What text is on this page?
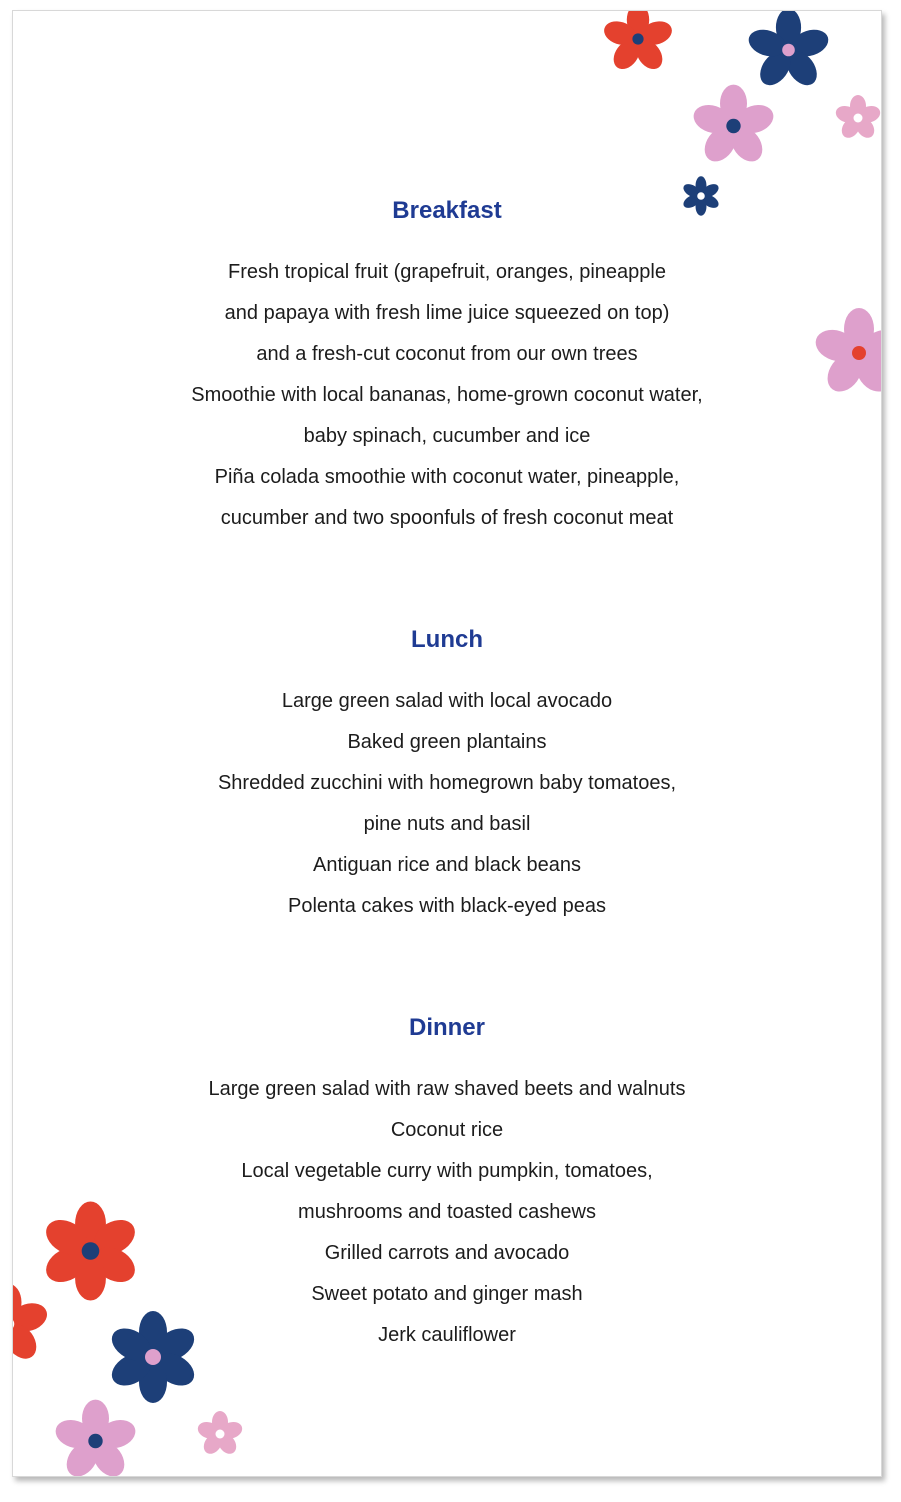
Breakfast
Fresh tropical fruit (grapefruit, oranges, pineapple
and papaya with fresh lime juice squeezed on top)
and a fresh-cut coconut from our own trees
Smoothie with local bananas, home-grown coconut water,
baby spinach, cucumber and ice
Piña colada smoothie with coconut water, pineapple,
cucumber and two spoonfuls of fresh coconut meat
Lunch
Large green salad with local avocado
Baked green plantains
Shredded zucchini with homegrown baby tomatoes,
pine nuts and basil
Antiguan rice and black beans
Polenta cakes with black-eyed peas
Dinner
Large green salad with raw shaved beets and walnuts
Coconut rice
Local vegetable curry with pumpkin, tomatoes,
mushrooms and toasted cashews
Grilled carrots and avocado
Sweet potato and ginger mash
Jerk cauliflower
